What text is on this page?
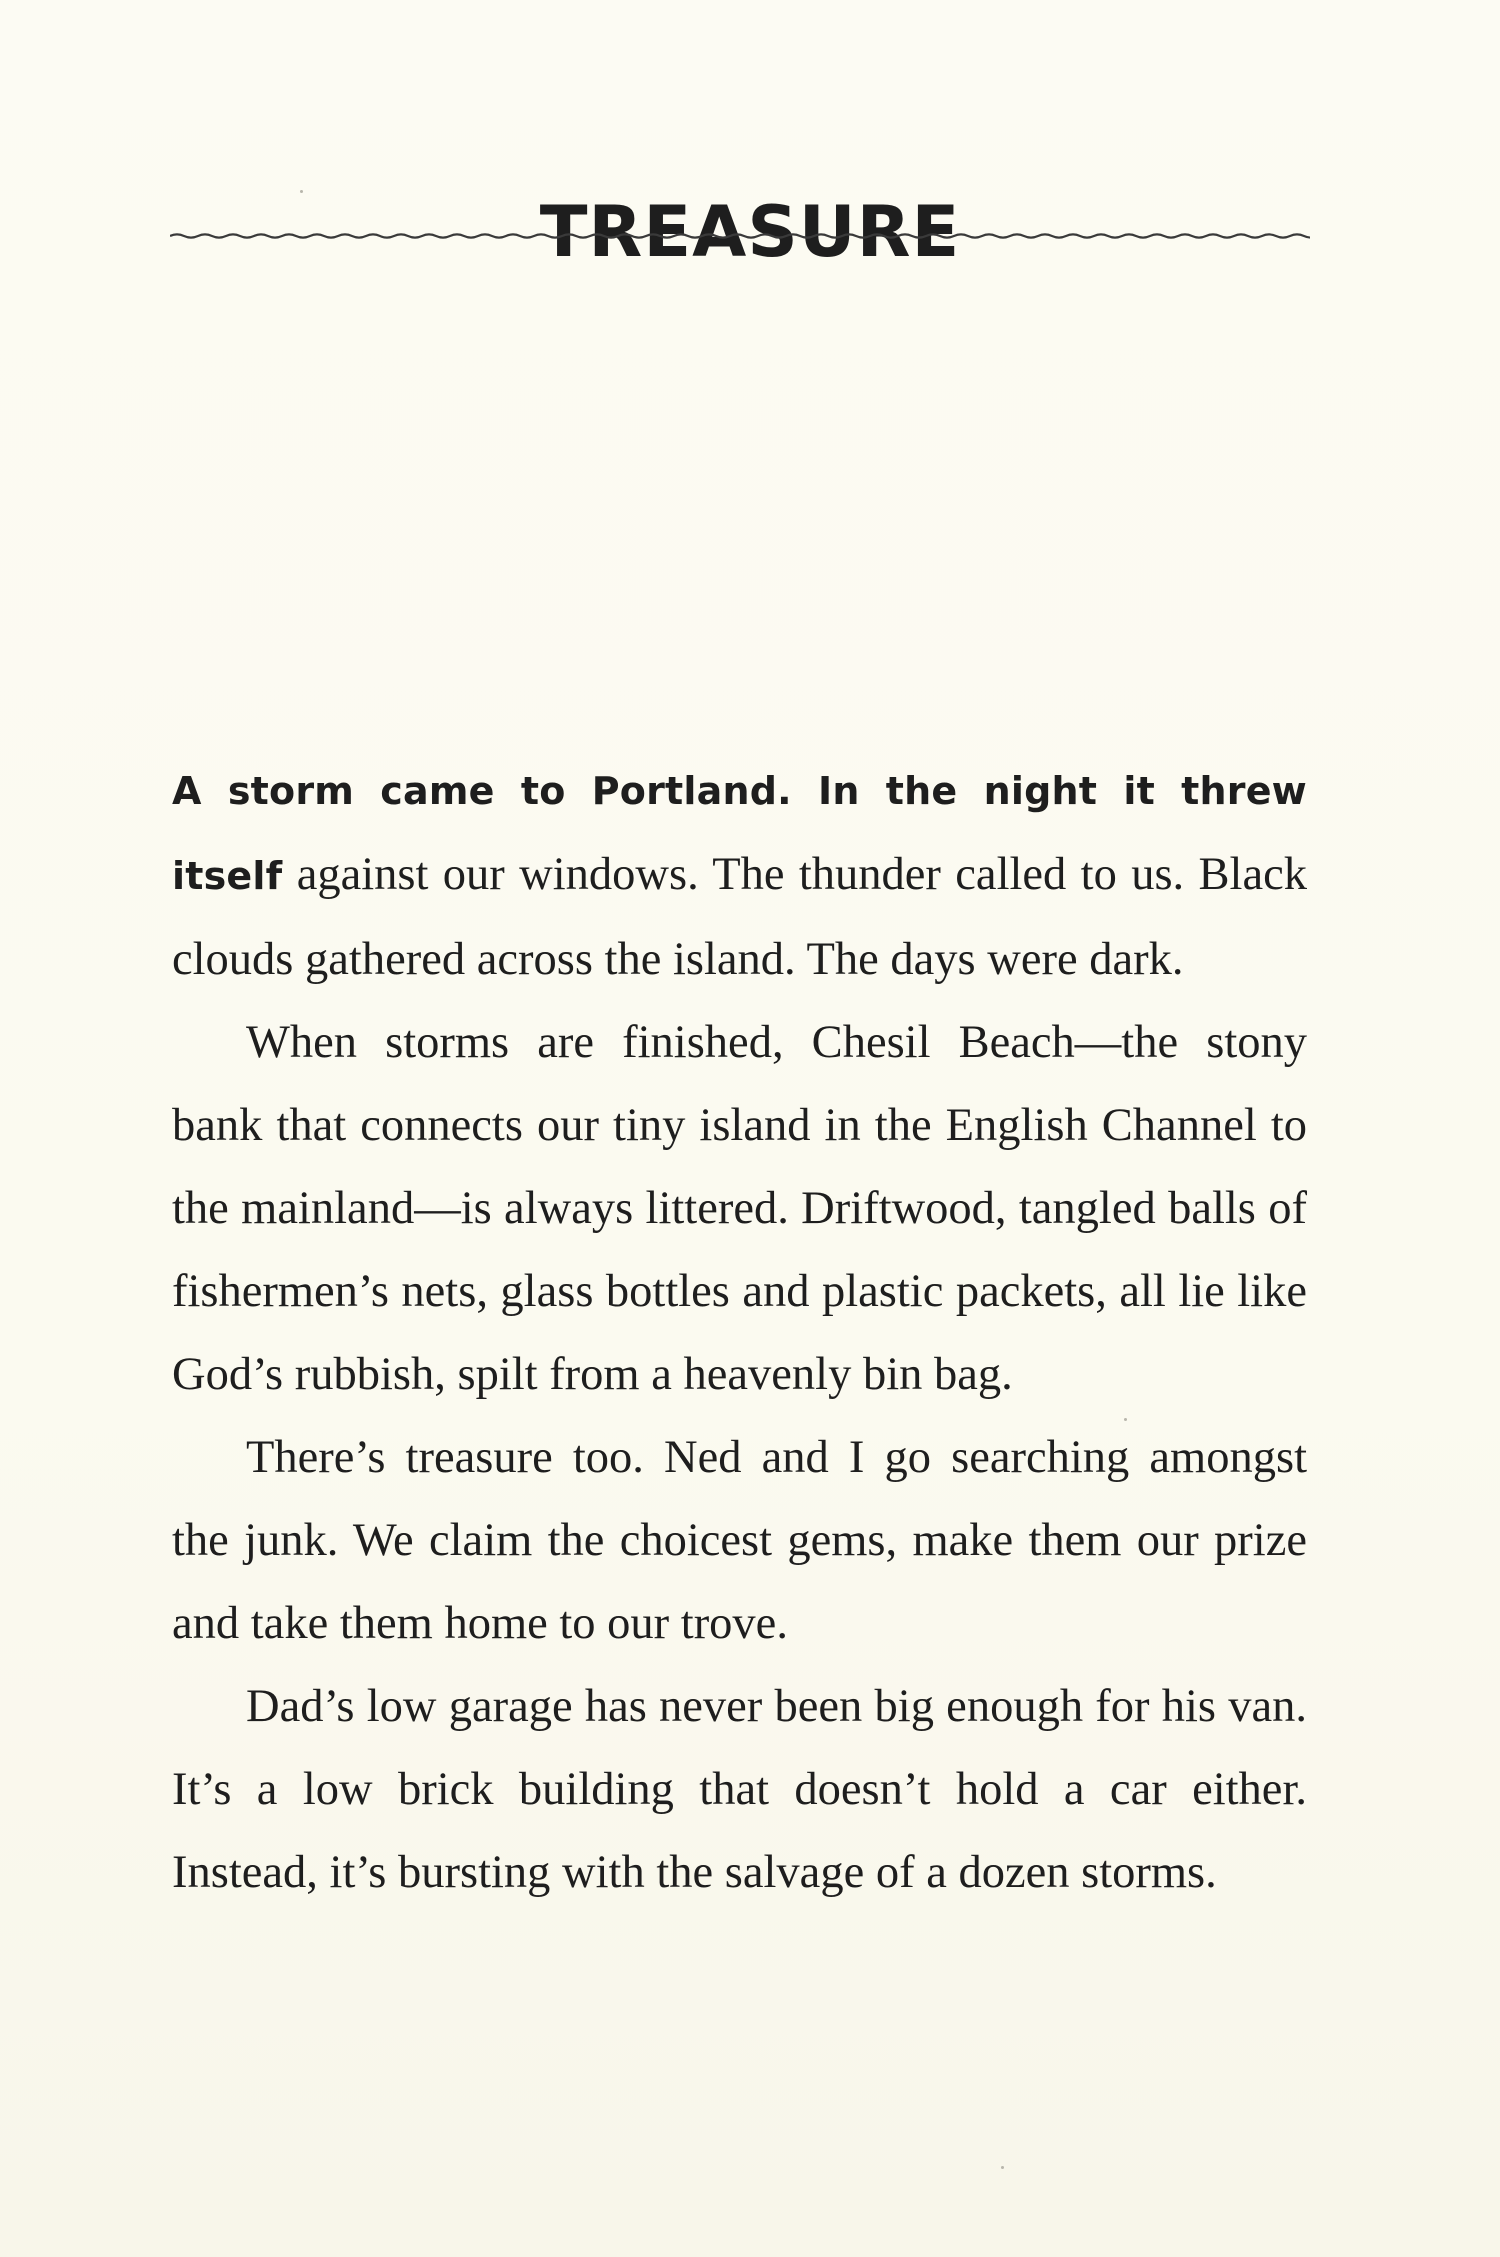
TREASURE

A storm came to Portland. In the night it threw itself against our windows. The thunder called to us. Black clouds gathered across the island. The days were dark.

When storms are finished, Chesil Beach—the stony bank that connects our tiny island in the English Channel to the mainland—is always littered. Driftwood, tangled balls of fishermen’s nets, glass bottles and plastic packets, all lie like God’s rubbish, spilt from a heavenly bin bag.

There’s treasure too. Ned and I go searching amongst the junk. We claim the choicest gems, make them our prize and take them home to our trove.

Dad’s low garage has never been big enough for his van. It’s a low brick building that doesn’t hold a car either. Instead, it’s bursting with the salvage of a dozen storms.
